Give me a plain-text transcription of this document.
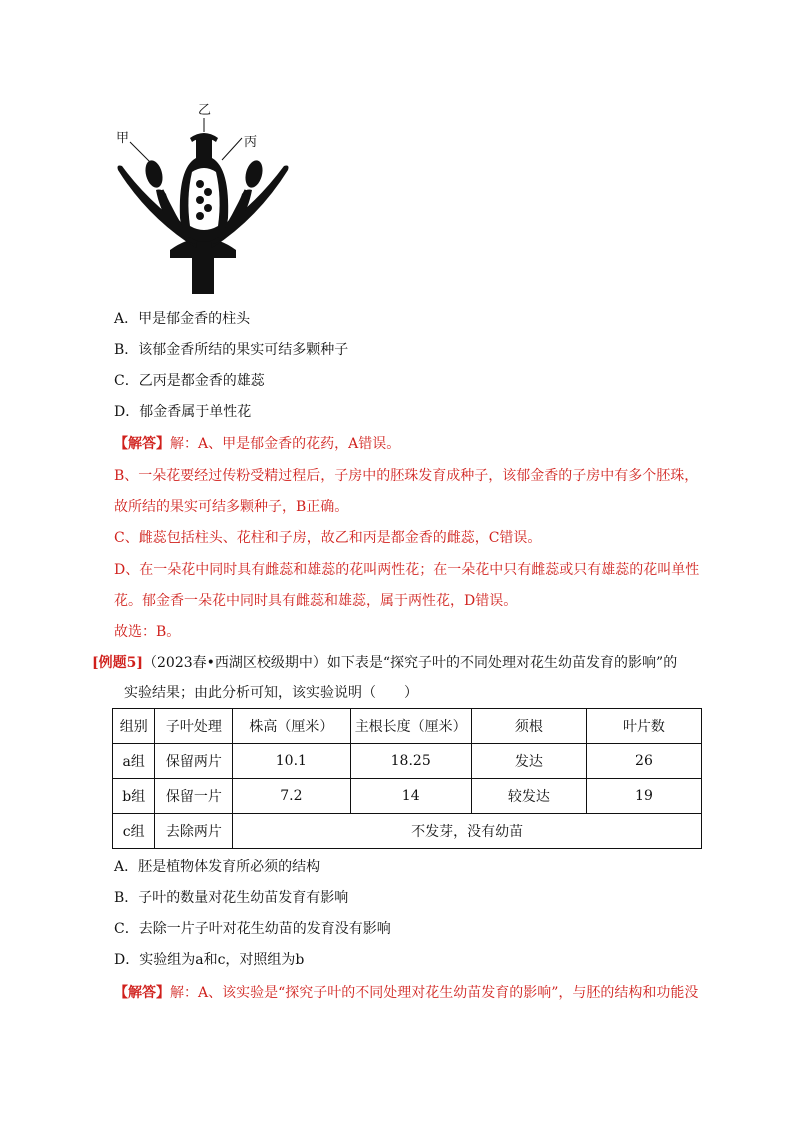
甲
乙
丙
A．甲是郁金香的柱头
B．该郁金香所结的果实可结多颗种子
C．乙丙是都金香的雄蕊
D．郁金香属于单性花
【解答】解：A、甲是郁金香的花药，A错误。
B、一朵花要经过传粉受精过程后，子房中的胚珠发育成种子，该郁金香的子房中有多个胚珠，
故所结的果实可结多颗种子，B正确。
C、雌蕊包括柱头、花柱和子房，故乙和丙是都金香的雌蕊，C错误。
D、在一朵花中同时具有雌蕊和雄蕊的花叫两性花；在一朵花中只有雌蕊或只有雄蕊的花叫单性
花。郁金香一朵花中同时具有雌蕊和雄蕊，属于两性花，D错误。
故选：B。
[例题5]（2023春•西湖区校级期中）如下表是“探究子叶的不同处理对花生幼苗发育的影响”的
实验结果；由此分析可知，该实验说明（　　）
组别	子叶处理	株高（厘米）	主根长度（厘米）	须根	叶片数
a组	保留两片	10.1	18.25	发达	26
b组	保留一片	7.2	14	较发达	19
c组	去除两片	不发芽，没有幼苗			
A．胚是植物体发育所必须的结构
B．子叶的数量对花生幼苗发育有影响
C．去除一片子叶对花生幼苗的发育没有影响
D．实验组为a和c，对照组为b
【解答】解：A、该实验是“探究子叶的不同处理对花生幼苗发育的影响”，与胚的结构和功能没
